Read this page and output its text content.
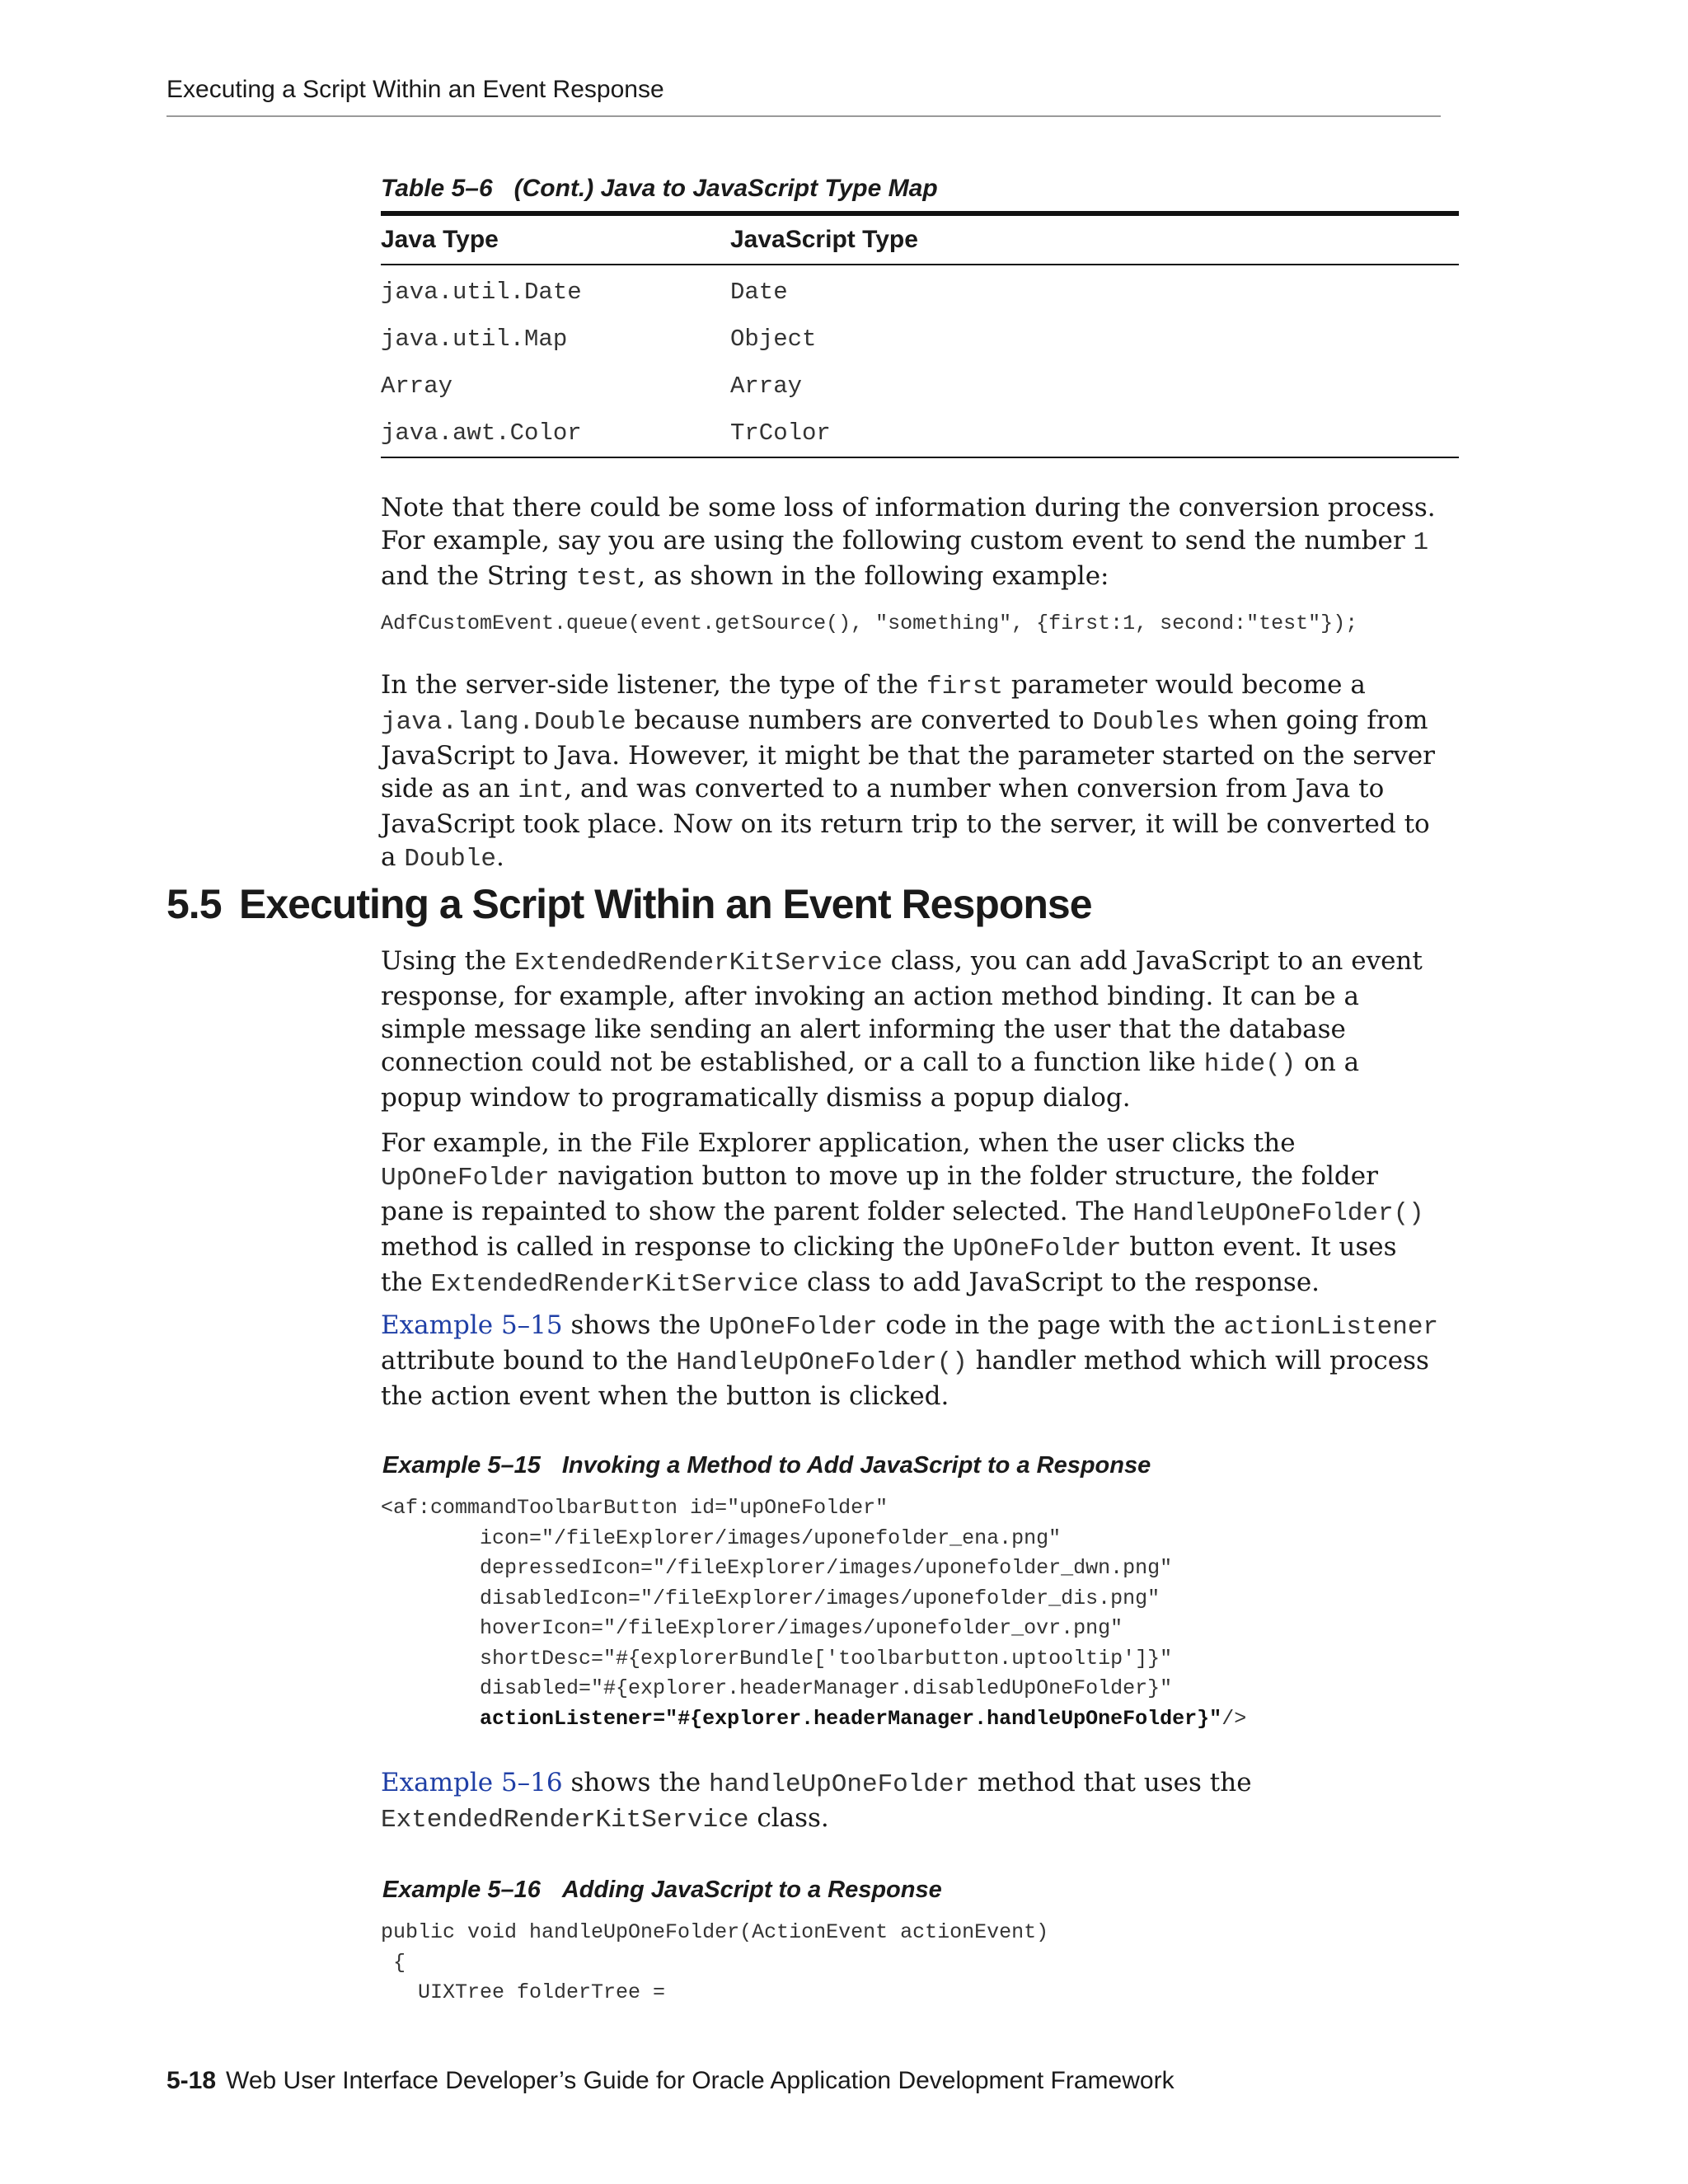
Executing a Script Within an Event Response
Table 5–6 (Cont.) Java to JavaScript Type Map
Java Type	JavaScript Type
java.util.Date	Date
java.util.Map	Object
Array	Array
java.awt.Color	TrColor

Note that there could be some loss of information during the conversion process. For example, say you are using the following custom event to send the number 1 and the String test, as shown in the following example:

AdfCustomEvent.queue(event.getSource(), "something", {first:1, second:"test"});

In the server-side listener, the type of the first parameter would become a java.lang.Double because numbers are converted to Doubles when going from JavaScript to Java. However, it might be that the parameter started on the server side as an int, and was converted to a number when conversion from Java to JavaScript took place. Now on its return trip to the server, it will be converted to a Double.

5.5 Executing a Script Within an Event Response

Using the ExtendedRenderKitService class, you can add JavaScript to an event response, for example, after invoking an action method binding. It can be a simple message like sending an alert informing the user that the database connection could not be established, or a call to a function like hide() on a popup window to programatically dismiss a popup dialog.

For example, in the File Explorer application, when the user clicks the UpOneFolder navigation button to move up in the folder structure, the folder pane is repainted to show the parent folder selected. The HandleUpOneFolder() method is called in response to clicking the UpOneFolder button event. It uses the ExtendedRenderKitService class to add JavaScript to the response.

Example 5–15 shows the UpOneFolder code in the page with the actionListener attribute bound to the HandleUpOneFolder() handler method which will process the action event when the button is clicked.

Example 5–15 Invoking a Method to Add JavaScript to a Response
<af:commandToolbarButton id="upOneFolder"
icon="/fileExplorer/images/uponefolder_ena.png"
depressedIcon="/fileExplorer/images/uponefolder_dwn.png"
disabledIcon="/fileExplorer/images/uponefolder_dis.png"
hoverIcon="/fileExplorer/images/uponefolder_ovr.png"
shortDesc="#{explorerBundle['toolbarbutton.uptooltip']}"
disabled="#{explorer.headerManager.disabledUpOneFolder}"
actionListener="#{explorer.headerManager.handleUpOneFolder}"/>

Example 5–16 shows the handleUpOneFolder method that uses the ExtendedRenderKitService class.

Example 5–16 Adding JavaScript to a Response
public void handleUpOneFolder(ActionEvent actionEvent)
{
UIXTree folderTree =
5-18 Web User Interface Developer’s Guide for Oracle Application Development Framework
